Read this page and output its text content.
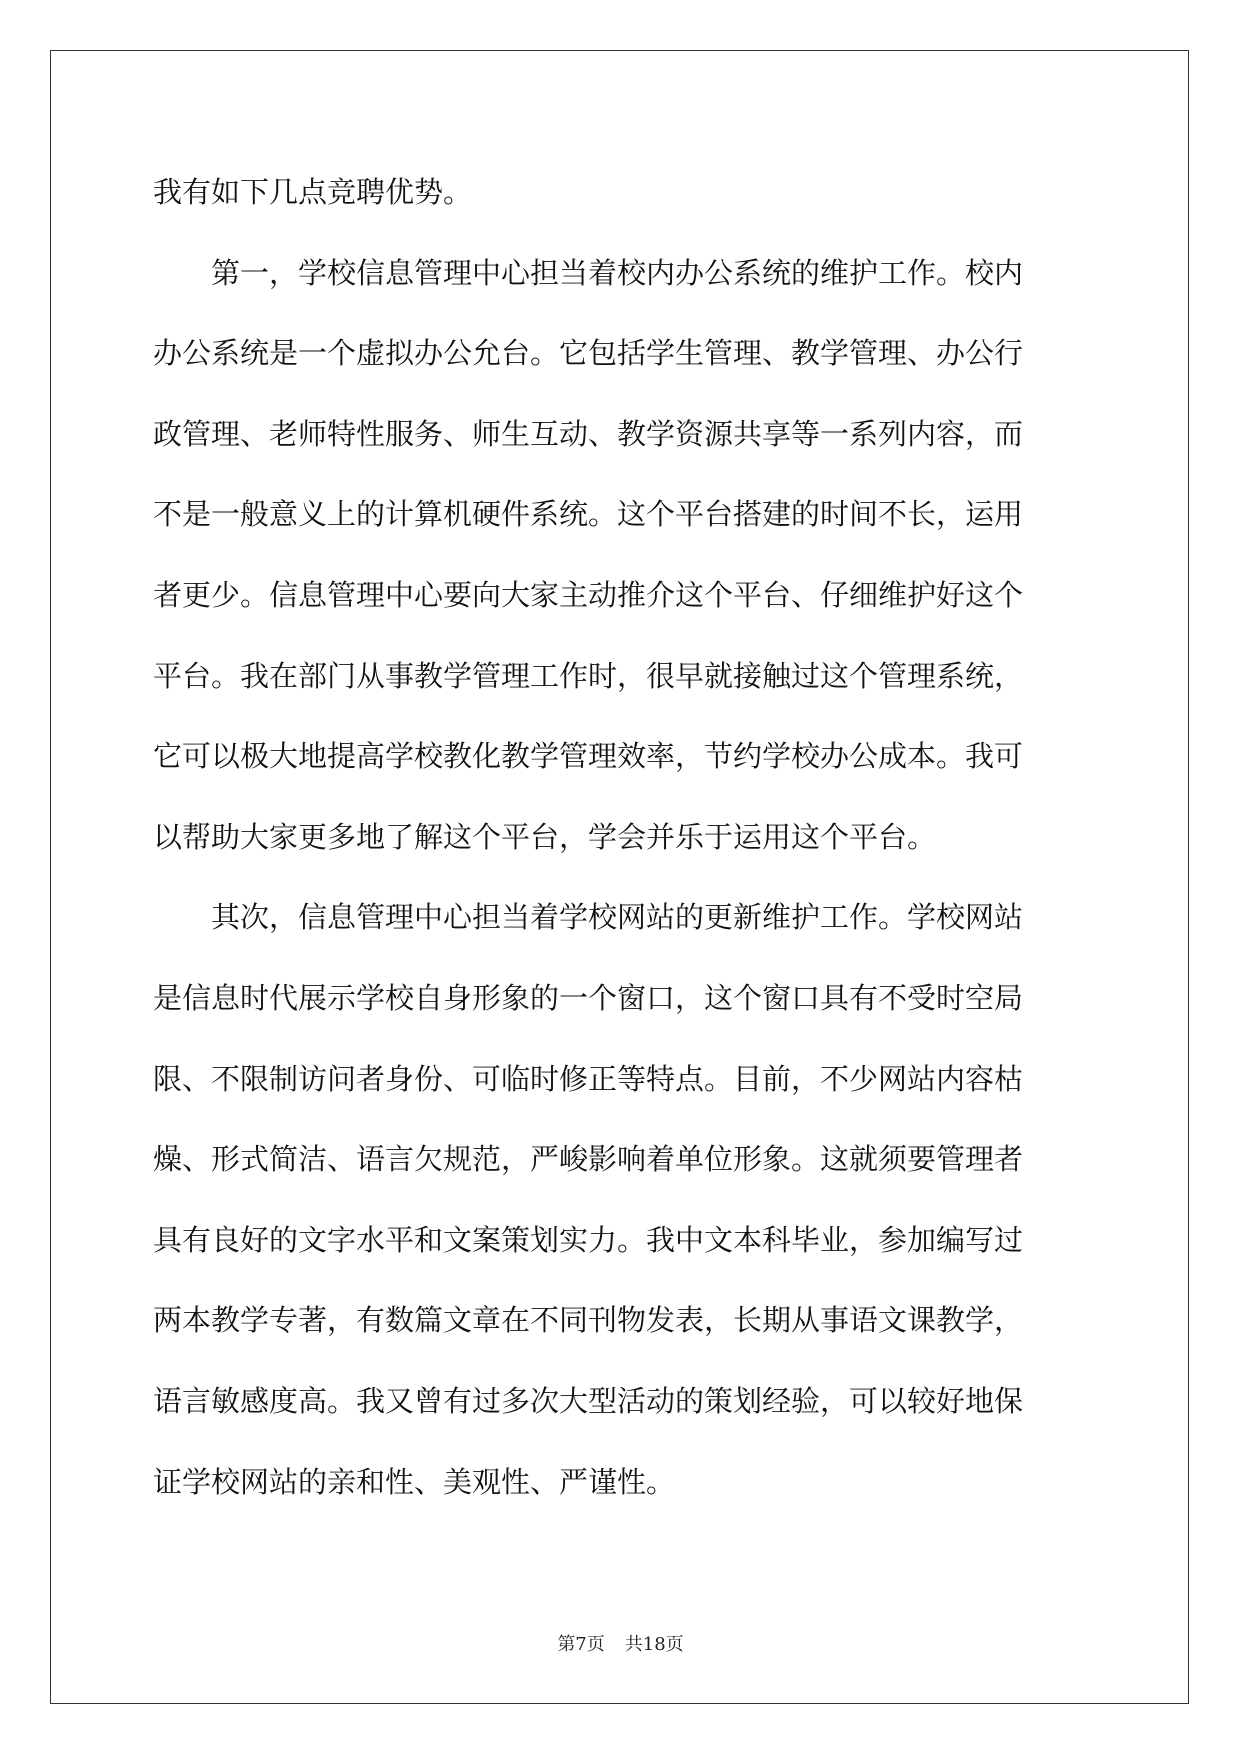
我有如下几点竞聘优势。
　　第一，学校信息管理中心担当着校内办公系统的维护工作。校内
办公系统是一个虚拟办公允台。它包括学生管理、教学管理、办公行
政管理、老师特性服务、师生互动、教学资源共享等一系列内容，而
不是一般意义上的计算机硬件系统。这个平台搭建的时间不长，运用
者更少。信息管理中心要向大家主动推介这个平台、仔细维护好这个
平台。我在部门从事教学管理工作时，很早就接触过这个管理系统，
它可以极大地提高学校教化教学管理效率，节约学校办公成本。我可
以帮助大家更多地了解这个平台，学会并乐于运用这个平台。
　　其次，信息管理中心担当着学校网站的更新维护工作。学校网站
是信息时代展示学校自身形象的一个窗口，这个窗口具有不受时空局
限、不限制访问者身份、可临时修正等特点。目前，不少网站内容枯
燥、形式简洁、语言欠规范，严峻影响着单位形象。这就须要管理者
具有良好的文字水平和文案策划实力。我中文本科毕业，参加编写过
两本教学专著，有数篇文章在不同刊物发表，长期从事语文课教学，
语言敏感度高。我又曾有过多次大型活动的策划经验，可以较好地保
证学校网站的亲和性、美观性、严谨性。
第7页 共18页
